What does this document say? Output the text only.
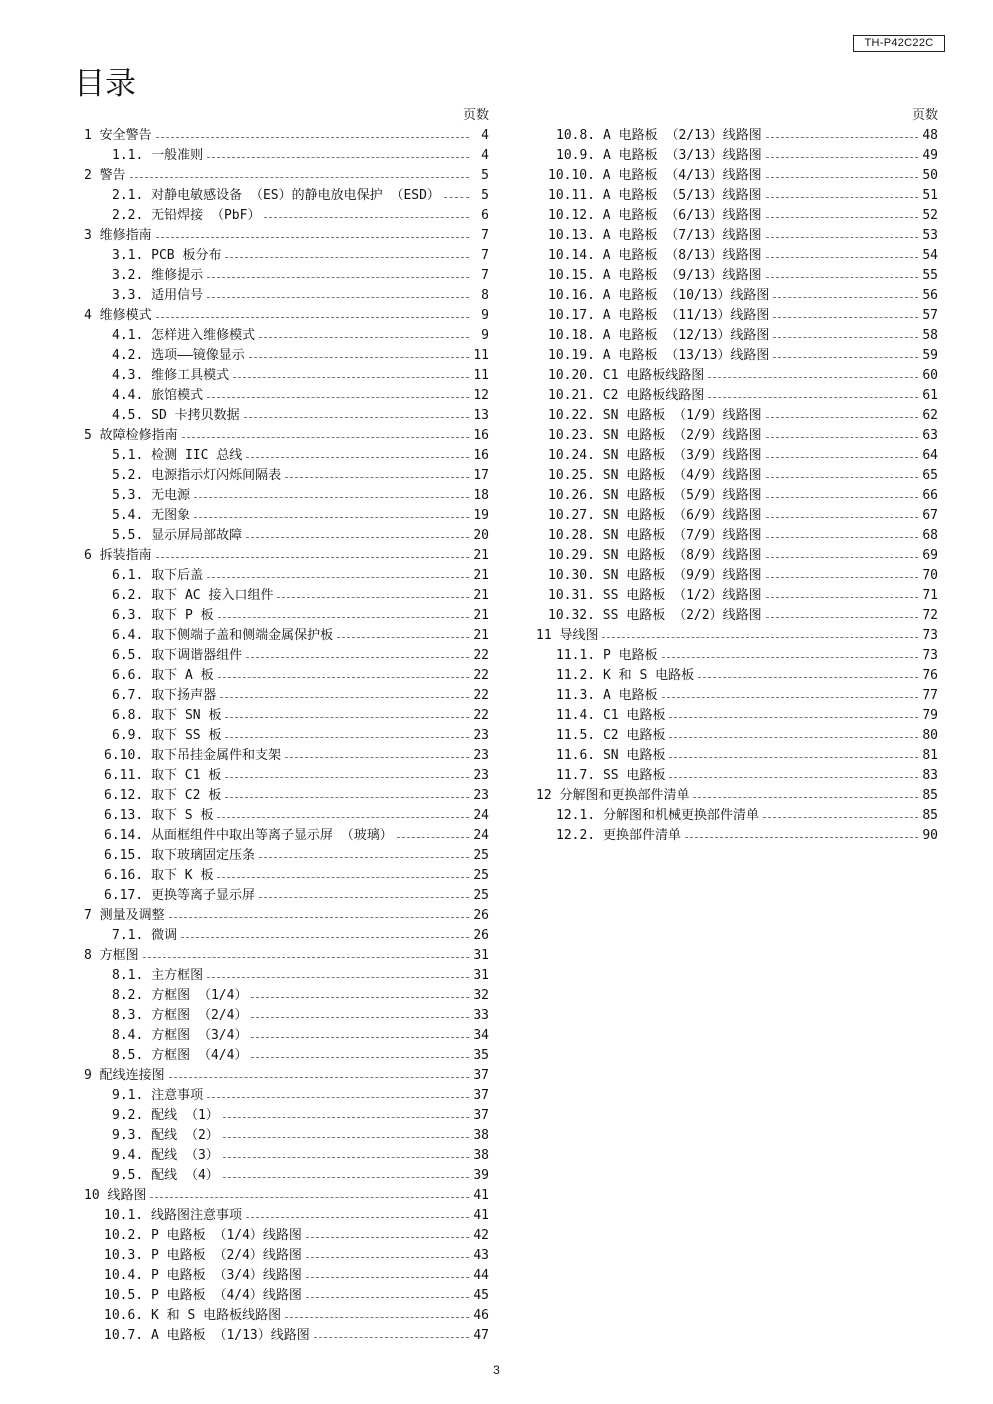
TH-P42C22C
目录
页数
1 安全警告	4
1.1. 一般准则	4
2 警告	5
2.1. 对静电敏感设备 （ES）的静电放电保护 （ESD）	5
2.2. 无铅焊接 （PbF）	6
3 维修指南	7
3.1. PCB 板分布	7
3.2. 维修提示	7
3.3. 适用信号	8
4 维修模式	9
4.1. 怎样进入维修模式	9
4.2. 选项——镜像显示	11
4.3. 维修工具模式	11
4.4. 旅馆模式	12
4.5. SD 卡拷贝数据	13
5 故障检修指南	16
5.1. 检测 IIC 总线	16
5.2. 电源指示灯闪烁间隔表	17
5.3. 无电源	18
5.4. 无图象	19
5.5. 显示屏局部故障	20
6 拆装指南	21
6.1. 取下后盖	21
6.2. 取下 AC 接入口组件	21
6.3. 取下 P 板	21
6.4. 取下侧端子盖和侧端金属保护板	21
6.5. 取下调谐器组件	22
6.6. 取下 A 板	22
6.7. 取下扬声器	22
6.8. 取下 SN 板	22
6.9. 取下 SS 板	23
6.10. 取下吊挂金属件和支架	23
6.11. 取下 C1 板	23
6.12. 取下 C2 板	23
6.13. 取下 S 板	24
6.14. 从面框组件中取出等离子显示屏 （玻璃）	24
6.15. 取下玻璃固定压条	25
6.16. 取下 K 板	25
6.17. 更换等离子显示屏	25
7 测量及调整	26
7.1. 微调	26
8 方框图	31
8.1. 主方框图	31
8.2. 方框图 （1/4）	32
8.3. 方框图 （2/4）	33
8.4. 方框图 （3/4）	34
8.5. 方框图 （4/4）	35
9 配线连接图	37
9.1. 注意事项	37
9.2. 配线 （1）	37
9.3. 配线 （2）	38
9.4. 配线 （3）	38
9.5. 配线 （4）	39
10 线路图	41
10.1. 线路图注意事项	41
10.2. P 电路板 （1/4）线路图	42
10.3. P 电路板 （2/4）线路图	43
10.4. P 电路板 （3/4）线路图	44
10.5. P 电路板 （4/4）线路图	45
10.6. K 和 S 电路板线路图	46
10.7. A 电路板 （1/13）线路图	47
页数
10.8. A 电路板 （2/13）线路图	48
10.9. A 电路板 （3/13）线路图	49
10.10. A 电路板 （4/13）线路图	50
10.11. A 电路板 （5/13）线路图	51
10.12. A 电路板 （6/13）线路图	52
10.13. A 电路板 （7/13）线路图	53
10.14. A 电路板 （8/13）线路图	54
10.15. A 电路板 （9/13）线路图	55
10.16. A 电路板 （10/13）线路图	56
10.17. A 电路板 （11/13）线路图	57
10.18. A 电路板 （12/13）线路图	58
10.19. A 电路板 （13/13）线路图	59
10.20. C1 电路板线路图	60
10.21. C2 电路板线路图	61
10.22. SN 电路板 （1/9）线路图	62
10.23. SN 电路板 （2/9）线路图	63
10.24. SN 电路板 （3/9）线路图	64
10.25. SN 电路板 （4/9）线路图	65
10.26. SN 电路板 （5/9）线路图	66
10.27. SN 电路板 （6/9）线路图	67
10.28. SN 电路板 （7/9）线路图	68
10.29. SN 电路板 （8/9）线路图	69
10.30. SN 电路板 （9/9）线路图	70
10.31. SS 电路板 （1/2）线路图	71
10.32. SS 电路板 （2/2）线路图	72
11 导线图	73
11.1. P 电路板	73
11.2. K 和 S 电路板	76
11.3. A 电路板	77
11.4. C1 电路板	79
11.5. C2 电路板	80
11.6. SN 电路板	81
11.7. SS 电路板	83
12 分解图和更换部件清单	85
12.1. 分解图和机械更换部件清单	85
12.2. 更换部件清单	90
3
